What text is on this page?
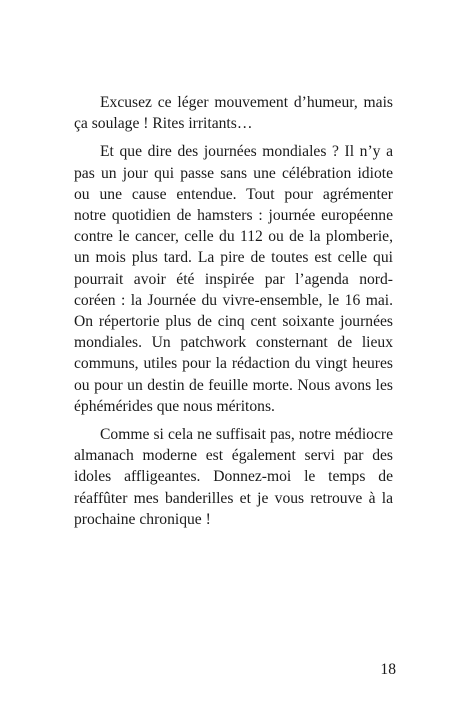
Excusez ce léger mouvement d’humeur, mais ça soulage ! Rites irritants…

Et que dire des journées mondiales ? Il n’y a pas un jour qui passe sans une célébration idiote ou une cause entendue. Tout pour agrémenter notre quotidien de hamsters : journée européenne contre le cancer, celle du 112 ou de la plomberie, un mois plus tard. La pire de toutes est celle qui pourrait avoir été inspirée par l’agenda nord-coréen : la Journée du vivre-ensemble, le 16 mai. On répertorie plus de cinq cent soixante journées mondiales. Un patchwork consternant de lieux communs, utiles pour la rédaction du vingt heures ou pour un destin de feuille morte. Nous avons les éphémérides que nous méritons.

Comme si cela ne suffisait pas, notre médiocre almanach moderne est également servi par des idoles affligeantes. Donnez-moi le temps de réaffûter mes banderilles et je vous retrouve à la prochaine chronique !

18
